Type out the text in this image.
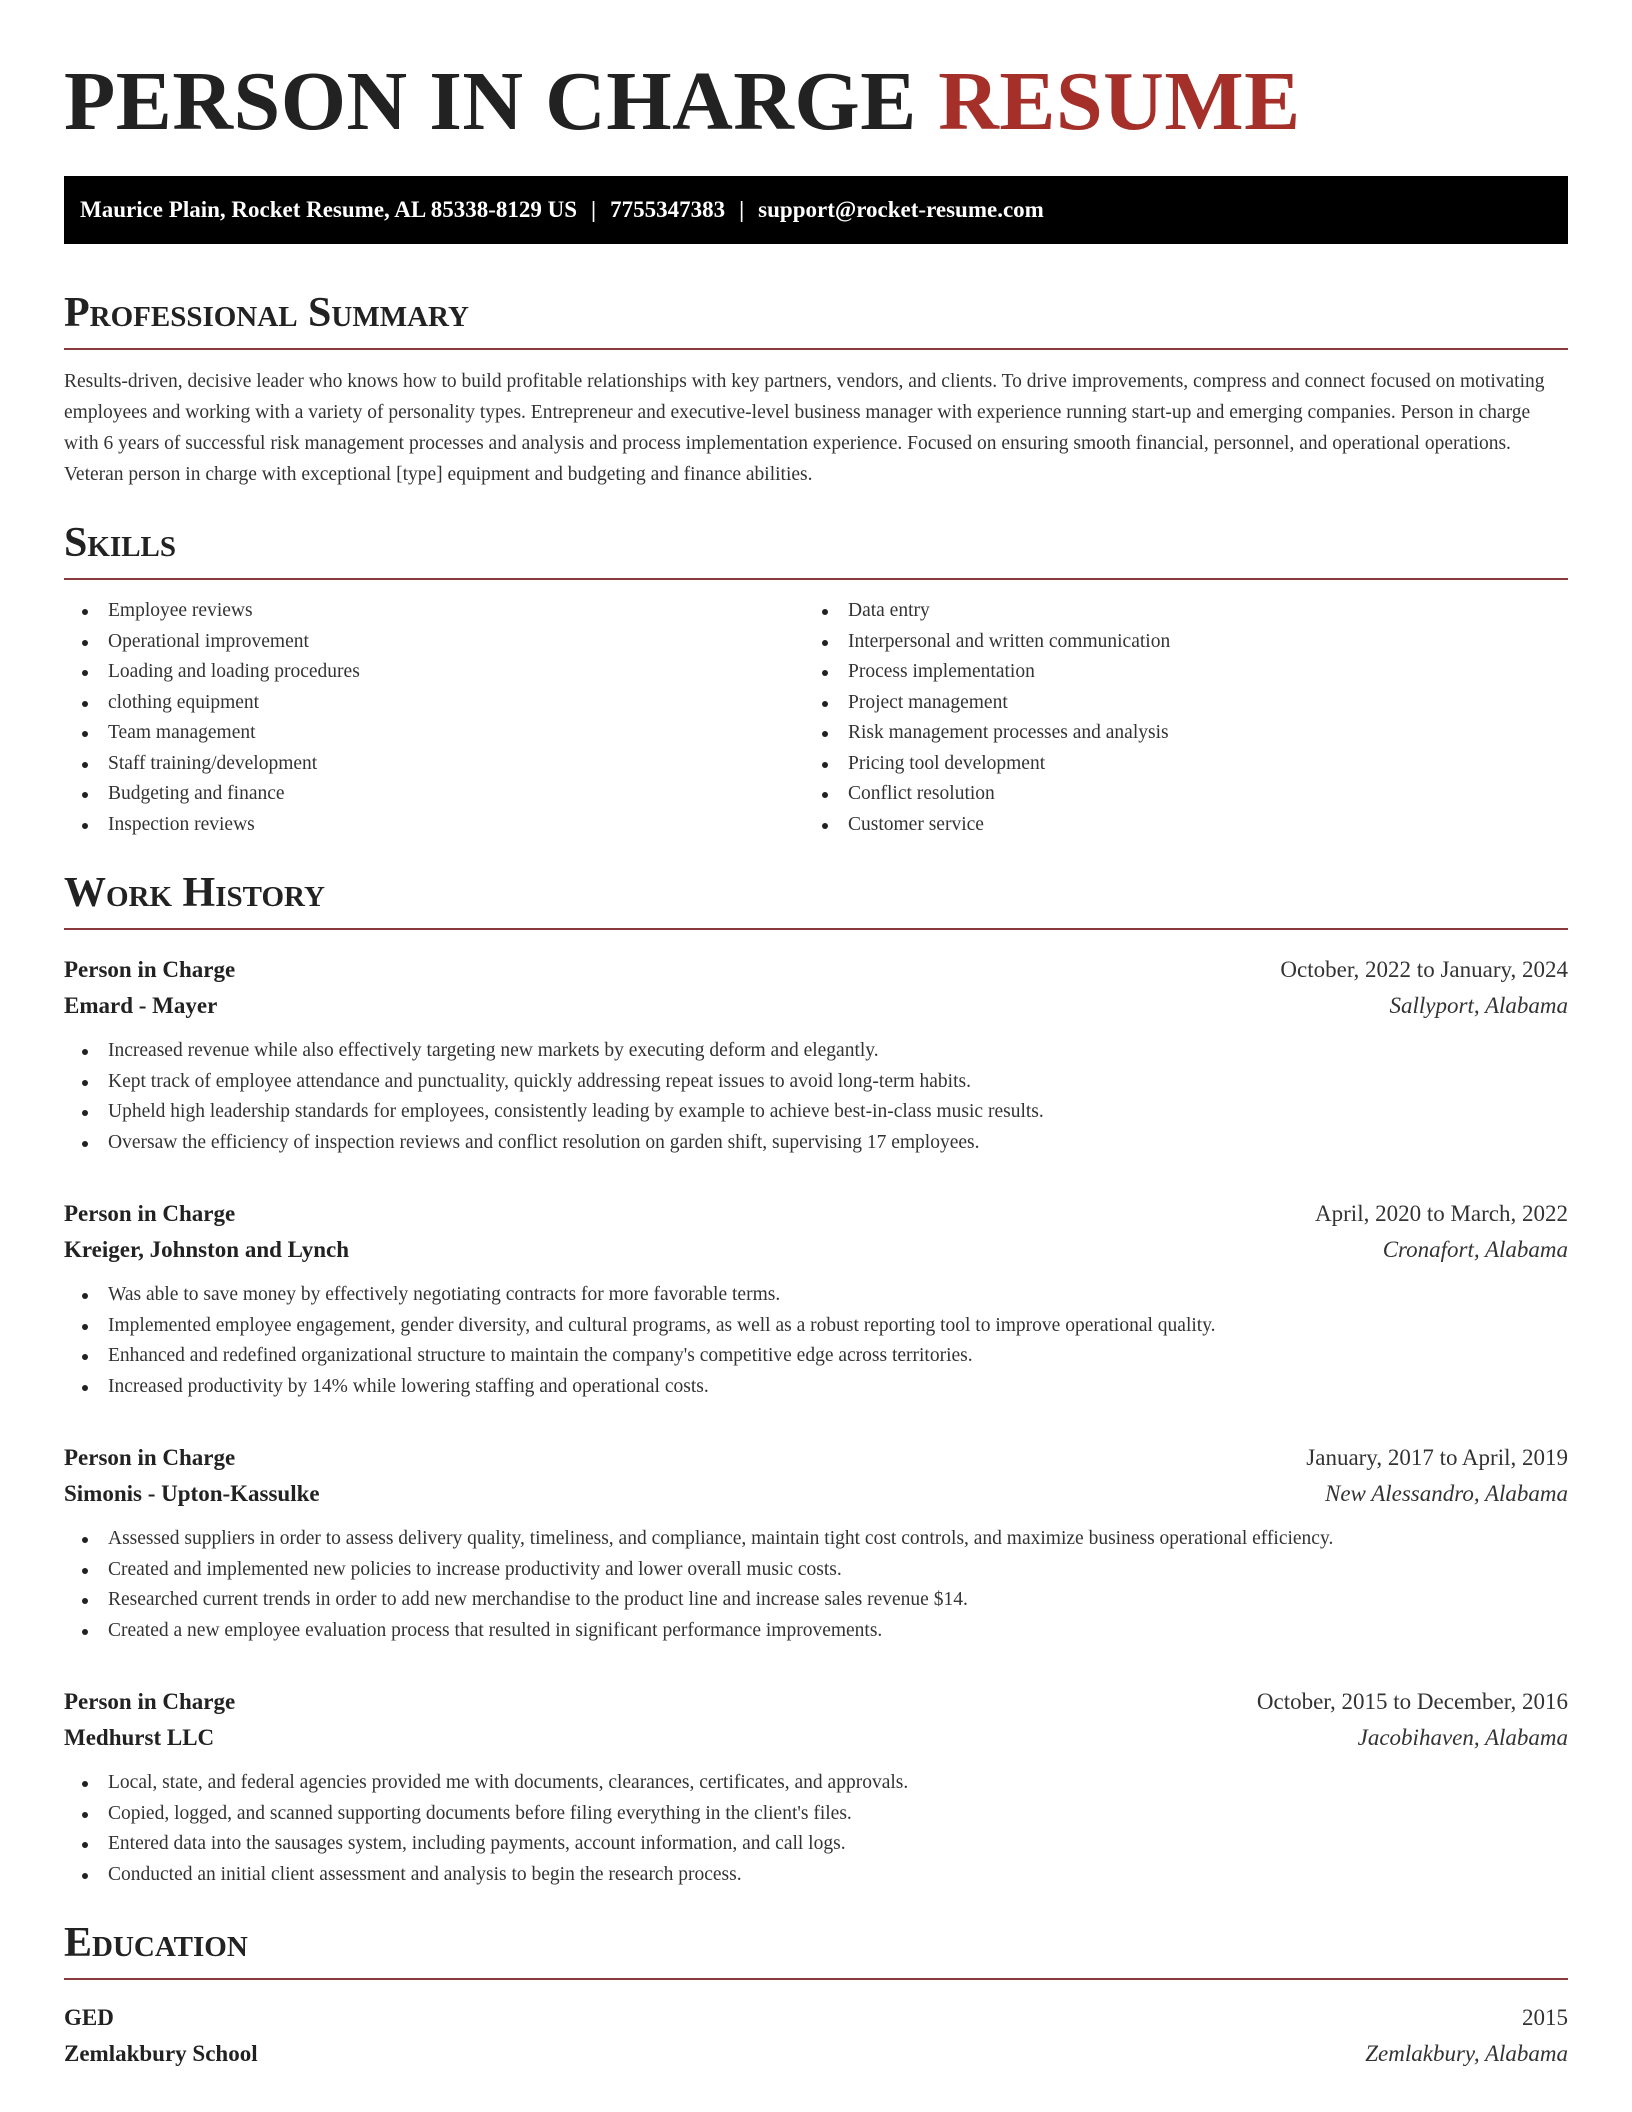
PERSON IN CHARGE RESUME
Maurice Plain, Rocket Resume, AL 85338-8129 US | 7755347383 | support@rocket-resume.com
Professional Summary

Results-driven, decisive leader who knows how to build profitable relationships with key partners, vendors, and clients. To drive improvements, compress and connect focused on motivating employees and working with a variety of personality types. Entrepreneur and executive-level business manager with experience running start-up and emerging companies. Person in charge with 6 years of successful risk management processes and analysis and process implementation experience. Focused on ensuring smooth financial, personnel, and operational operations. Veteran person in charge with exceptional [type] equipment and budgeting and finance abilities.

Skills
Employee reviews
Operational improvement
Loading and loading procedures
clothing equipment
Team management
Staff training/development
Budgeting and finance
Inspection reviews
Data entry
Interpersonal and written communication
Process implementation
Project management
Risk management processes and analysis
Pricing tool development
Conflict resolution
Customer service
Work History
Person in Charge	October, 2022 to January, 2024
Emard - Mayer	Sallyport, Alabama
Increased revenue while also effectively targeting new markets by executing deform and elegantly.
Kept track of employee attendance and punctuality, quickly addressing repeat issues to avoid long-term habits.
Upheld high leadership standards for employees, consistently leading by example to achieve best-in-class music results.
Oversaw the efficiency of inspection reviews and conflict resolution on garden shift, supervising 17 employees.
Person in Charge	April, 2020 to March, 2022
Kreiger, Johnston and Lynch	Cronafort, Alabama
Was able to save money by effectively negotiating contracts for more favorable terms.
Implemented employee engagement, gender diversity, and cultural programs, as well as a robust reporting tool to improve operational quality.
Enhanced and redefined organizational structure to maintain the company's competitive edge across territories.
Increased productivity by 14% while lowering staffing and operational costs.
Person in Charge	January, 2017 to April, 2019
Simonis - Upton-Kassulke	New Alessandro, Alabama
Assessed suppliers in order to assess delivery quality, timeliness, and compliance, maintain tight cost controls, and maximize business operational efficiency.
Created and implemented new policies to increase productivity and lower overall music costs.
Researched current trends in order to add new merchandise to the product line and increase sales revenue $14.
Created a new employee evaluation process that resulted in significant performance improvements.
Person in Charge	October, 2015 to December, 2016
Medhurst LLC	Jacobihaven, Alabama
Local, state, and federal agencies provided me with documents, clearances, certificates, and approvals.
Copied, logged, and scanned supporting documents before filing everything in the client's files.
Entered data into the sausages system, including payments, account information, and call logs.
Conducted an initial client assessment and analysis to begin the research process.
Education
GED	2015
Zemlakbury School	Zemlakbury, Alabama
